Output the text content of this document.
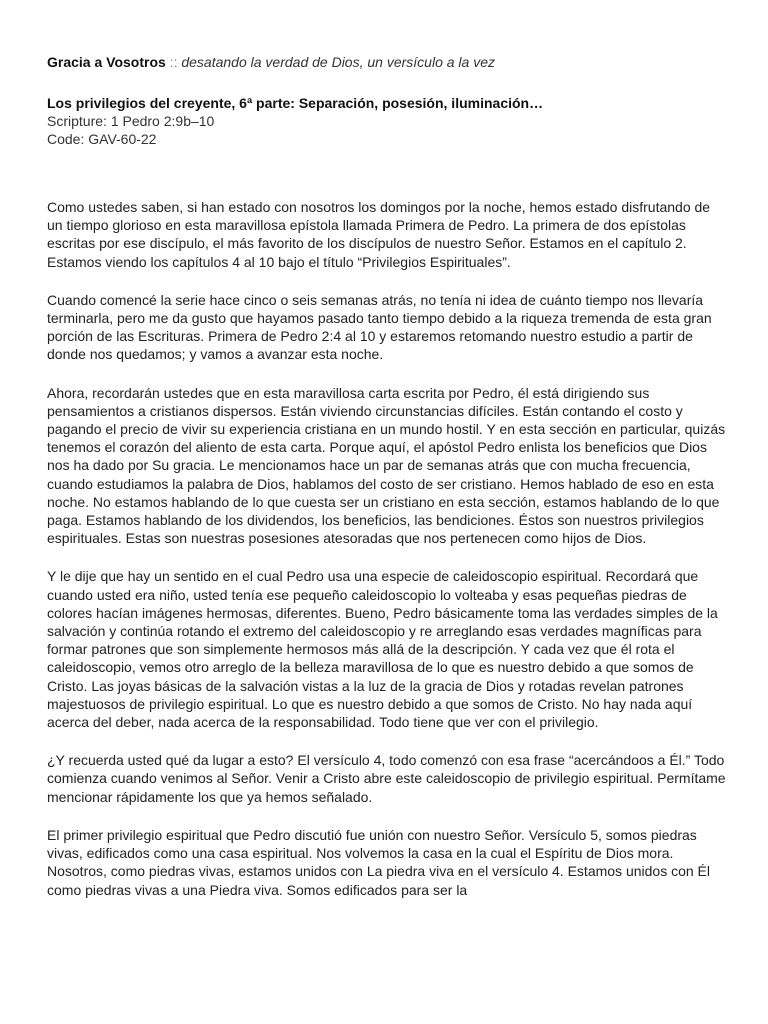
Gracia a Vosotros :: desatando la verdad de Dios, un versículo a la vez

Los privilegios del creyente, 6ª parte: Separación, posesión, iluminación…
Scripture: 1 Pedro 2:9b–10
Code: GAV-60-22

Como ustedes saben, si han estado con nosotros los domingos por la noche, hemos estado disfrutando de un tiempo glorioso en esta maravillosa epístola llamada Primera de Pedro. La primera de dos epístolas escritas por ese discípulo, el más favorito de los discípulos de nuestro Señor. Estamos en el capítulo 2. Estamos viendo los capítulos 4 al 10 bajo el título “Privilegios Espirituales”.

Cuando comencé la serie hace cinco o seis semanas atrás, no tenía ni idea de cuánto tiempo nos llevaría terminarla, pero me da gusto que hayamos pasado tanto tiempo debido a la riqueza tremenda de esta gran porción de las Escrituras. Primera de Pedro 2:4 al 10 y estaremos retomando nuestro estudio a partir de donde nos quedamos; y vamos a avanzar esta noche.

Ahora, recordarán ustedes que en esta maravillosa carta escrita por Pedro, él está dirigiendo sus pensamientos a cristianos dispersos. Están viviendo circunstancias difíciles. Están contando el costo y pagando el precio de vivir su experiencia cristiana en un mundo hostil. Y en esta sección en particular, quizás tenemos el corazón del aliento de esta carta. Porque aquí, el apóstol Pedro enlista los beneficios que Dios nos ha dado por Su gracia. Le mencionamos hace un par de semanas atrás que con mucha frecuencia, cuando estudiamos la palabra de Dios, hablamos del costo de ser cristiano. Hemos hablado de eso en esta noche. No estamos hablando de lo que cuesta ser un cristiano en esta sección, estamos hablando de lo que paga. Estamos hablando de los dividendos, los beneficios, las bendiciones. Éstos son nuestros privilegios espirituales. Estas son nuestras posesiones atesoradas que nos pertenecen como hijos de Dios.

Y le dije que hay un sentido en el cual Pedro usa una especie de caleidoscopio espiritual. Recordará que cuando usted era niño, usted tenía ese pequeño caleidoscopio lo volteaba y esas pequeñas piedras de colores hacían imágenes hermosas, diferentes. Bueno, Pedro básicamente toma las verdades simples de la salvación y continúa rotando el extremo del caleidoscopio y re arreglando esas verdades magníficas para formar patrones que son simplemente hermosos más allá de la descripción. Y cada vez que él rota el caleidoscopio, vemos otro arreglo de la belleza maravillosa de lo que es nuestro debido a que somos de Cristo. Las joyas básicas de la salvación vistas a la luz de la gracia de Dios y rotadas revelan patrones majestuosos de privilegio espiritual. Lo que es nuestro debido a que somos de Cristo. No hay nada aquí acerca del deber, nada acerca de la responsabilidad. Todo tiene que ver con el privilegio.

¿Y recuerda usted qué da lugar a esto? El versículo 4, todo comenzó con esa frase “acercándoos a Él.” Todo comienza cuando venimos al Señor. Venir a Cristo abre este caleidoscopio de privilegio espiritual. Permítame mencionar rápidamente los que ya hemos señalado.

El primer privilegio espiritual que Pedro discutió fue unión con nuestro Señor. Versículo 5, somos piedras vivas, edificados como una casa espiritual. Nos volvemos la casa en la cual el Espíritu de Dios mora. Nosotros, como piedras vivas, estamos unidos con La piedra viva en el versículo 4. Estamos unidos con Él como piedras vivas a una Piedra viva. Somos edificados para ser la
